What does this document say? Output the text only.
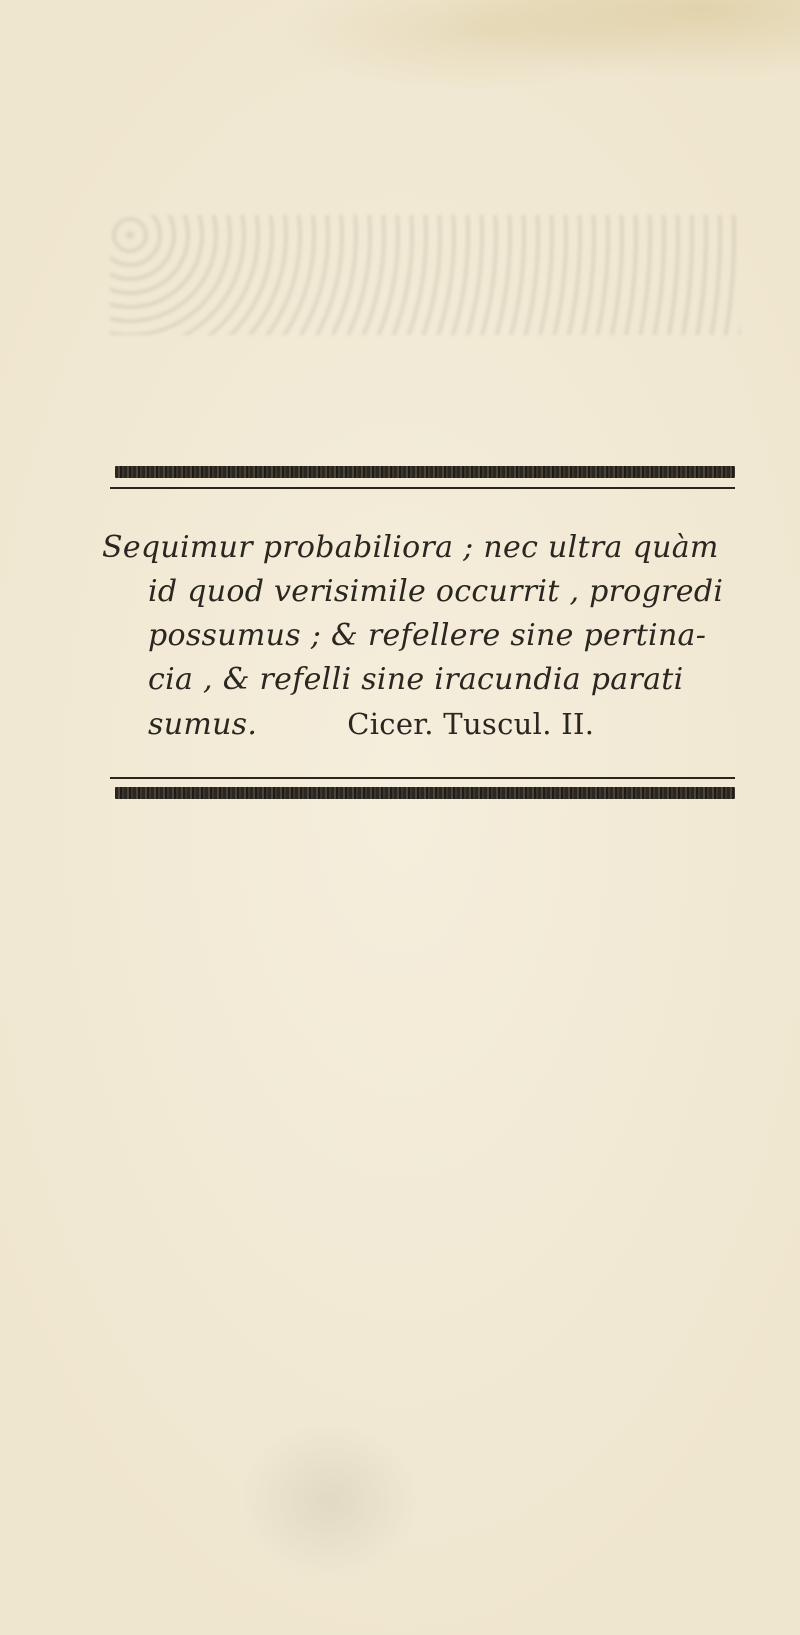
Sequimur probabiliora ; nec ultra quàm
id quod verisimile occurrit , progredi
possumus ; & refellere sine pertina-
cia , & refelli sine iracundia parati
sumus.	Cicer. Tuscul. II.
